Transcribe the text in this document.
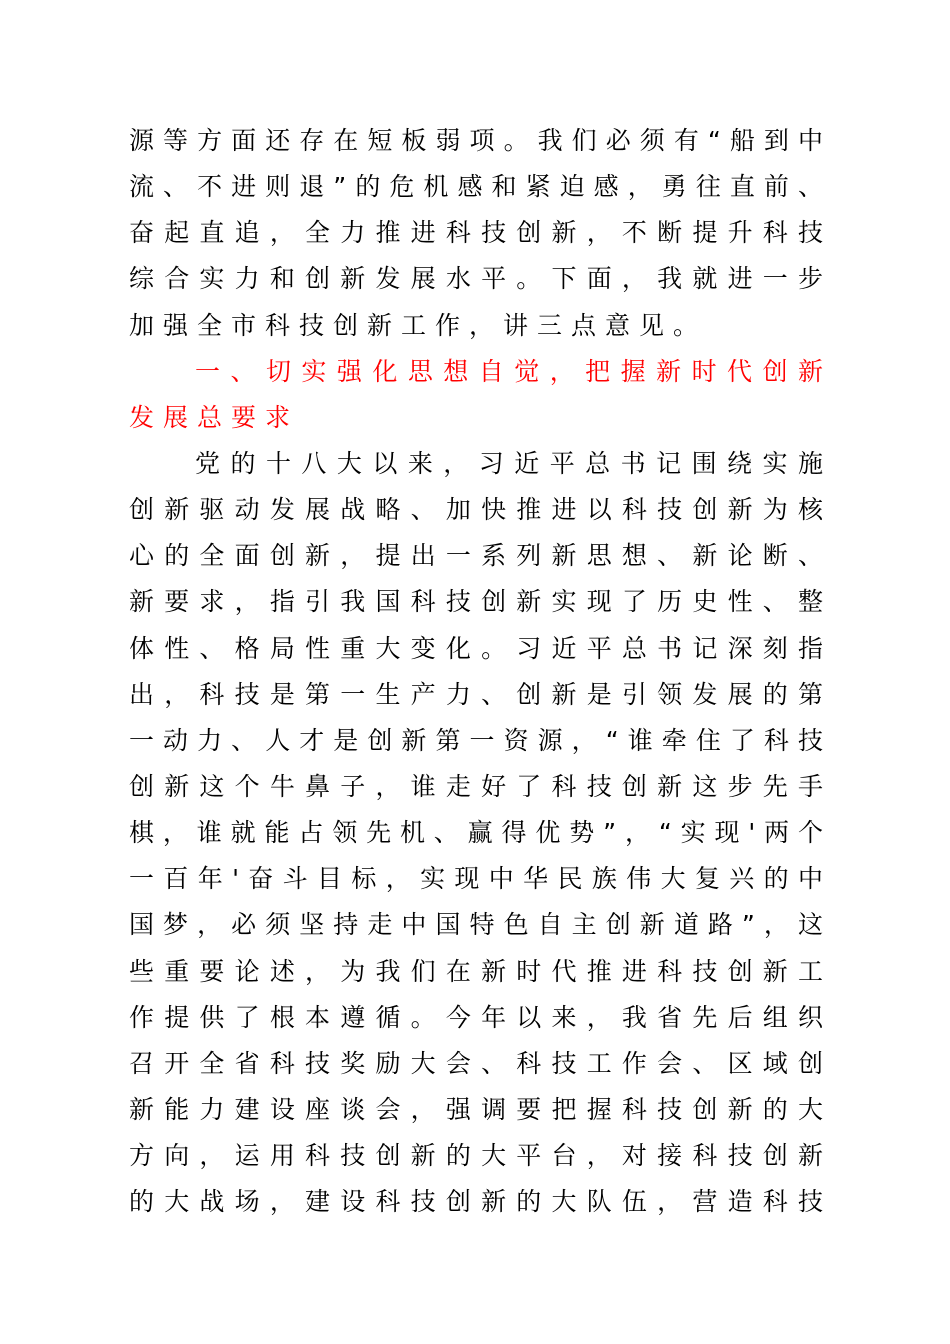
源等方面还存在短板弱项。我们必须有“船到中
流、不进则退”的危机感和紧迫感，勇往直前、
奋起直追，全力推进科技创新，不断提升科技
综合实力和创新发展水平。下面，我就进一步
加强全市科技创新工作，讲三点意见。
一、切实强化思想自觉，把握新时代创新
发展总要求
党的十八大以来，习近平总书记围绕实施
创新驱动发展战略、加快推进以科技创新为核
心的全面创新，提出一系列新思想、新论断、
新要求，指引我国科技创新实现了历史性、整
体性、格局性重大变化。习近平总书记深刻指
出，科技是第一生产力、创新是引领发展的第
一动力、人才是创新第一资源，“谁牵住了科技
创新这个牛鼻子，谁走好了科技创新这步先手
棋，谁就能占领先机、赢得优势”，“实现'两个
一百年'奋斗目标，实现中华民族伟大复兴的中
国梦，必须坚持走中国特色自主创新道路”，这
些重要论述，为我们在新时代推进科技创新工
作提供了根本遵循。今年以来，我省先后组织
召开全省科技奖励大会、科技工作会、区域创
新能力建设座谈会，强调要把握科技创新的大
方向，运用科技创新的大平台，对接科技创新
的大战场，建设科技创新的大队伍，营造科技
